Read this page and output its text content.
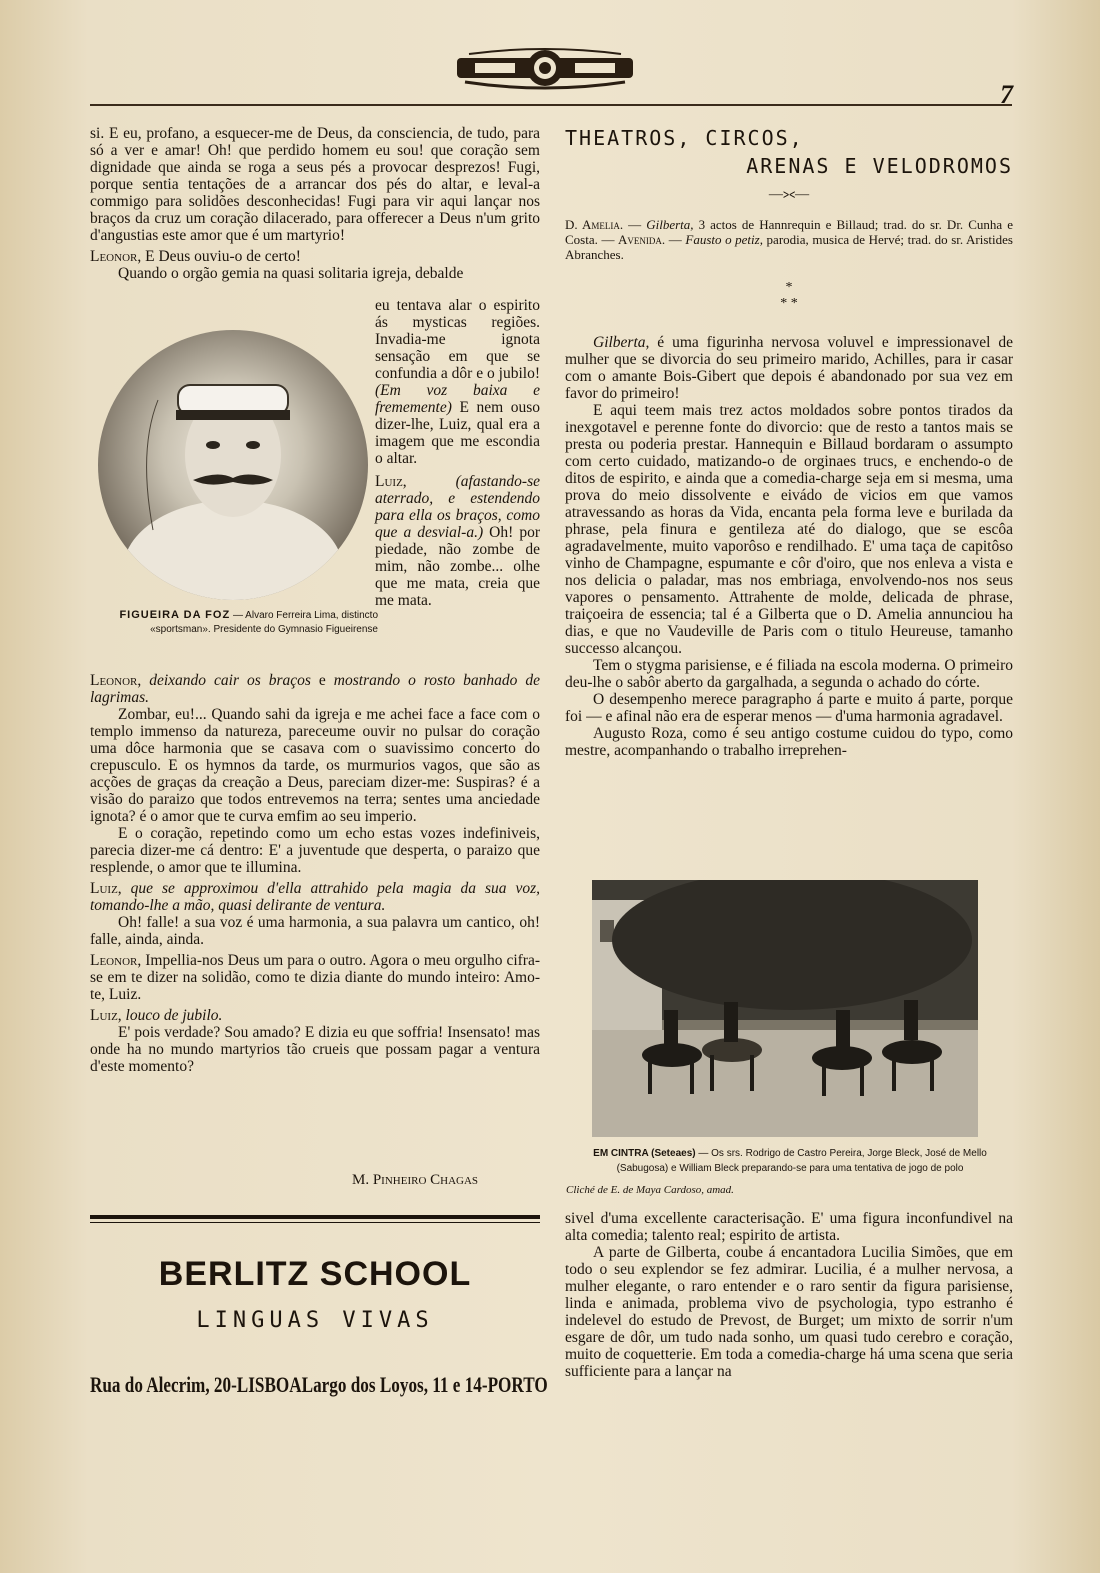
7

si. E eu, profano, a esquecer-me de Deus, da consciencia, de tudo, para só a ver e amar! Oh! que perdido homem eu sou! que coração sem dignidade que ainda se roga a seus pés a provocar desprezos! Fugi, porque sentia tentações de a arrancar dos pés do altar, e leval-a commigo para solidões desconhecidas! Fugi para vir aqui lançar nos braços da cruz um coração dilacerado, para offerecer a Deus n'um grito d'angustias este amor que é um martyrio!

Leonor, E Deus ouviu-o de certo!

Quando o orgão gemia na quasi solitaria igreja, debalde

FIGUEIRA DA FOZ — Alvaro Ferreira Lima, distincto «sportsman». Presidente do Gymnasio Figueirense

eu tentava alar o espirito ás mysticas regiões. Invadia-me ignota sensação em que se confundia a dôr e o jubilo! (Em voz baixa e frememente) E nem ouso dizer-lhe, Luiz, qual era a imagem que me escondia o altar.

Luiz, (afastando-se aterrado, e estendendo para ella os braços, como que a desvial-a.) Oh! por piedade, não zombe de mim, não zombe... olhe que me mata, creia que me mata.

Leonor, deixando cair os braços e mostrando o rosto banhado de lagrimas.

Zombar, eu!... Quando sahi da igreja e me achei face a face com o templo immenso da natureza, pareceume ouvir no pulsar do coração uma dôce harmonia que se casava com o suavissimo concerto do crepusculo. E os hymnos da tarde, os murmurios vagos, que são as acções de graças da creação a Deus, pareciam dizer-me: Suspiras? é a visão do paraizo que todos entrevemos na terra; sentes uma anciedade ignota? é o amor que te curva emfim ao seu imperio.

E o coração, repetindo como um echo estas vozes indefiniveis, parecia dizer-me cá dentro: E' a juventude que desperta, o paraizo que resplende, o amor que te illumina.

Luiz, que se approximou d'ella attrahido pela magia da sua voz, tomando-lhe a mão, quasi delirante de ventura.

Oh! falle! a sua voz é uma harmonia, a sua palavra um cantico, oh! falle, ainda, ainda.

Leonor, Impellia-nos Deus um para o outro. Agora o meu orgulho cifra-se em te dizer na solidão, como te dizia diante do mundo inteiro: Amo-te, Luiz.

Luiz, louco de jubilo.

E' pois verdade? Sou amado? E dizia eu que soffria! Insensato! mas onde ha no mundo martyrios tão crueis que possam pagar a ventura d'este momento?

M. Pinheiro Chagas
BERLITZ SCHOOL
LINGUAS VIVAS
Rua do Alecrim, 20-LISBOA Largo dos Loyos, 11 e 14-PORTO
THEATROS, CIRCOS,
ARENAS E VELODROMOS
—⪥—

D. Amelia. — Gilberta, 3 actos de Hannrequin e Billaud; trad. do sr. Dr. Cunha e Costa. — Avenida. — Fausto o petiz, parodia, musica de Hervé; trad. do sr. Aristides Abranches.

*
* *

Gilberta, é uma figurinha nervosa voluvel e impressionavel de mulher que se divorcia do seu primeiro marido, Achilles, para ir casar com o amante Bois-Gibert que depois é abandonado por sua vez em favor do primeiro!

E aqui teem mais trez actos moldados sobre pontos tirados da inexgotavel e perenne fonte do divorcio: que de resto a tantos mais se presta ou poderia prestar. Hannequin e Billaud bordaram o assumpto com certo cuidado, matizando-o de orginaes trucs, e enchendo-o de ditos de espirito, e ainda que a comedia-charge seja em si mesma, uma prova do meio dissolvente e eivádo de vicios em que vamos atravessando as horas da Vida, encanta pela forma leve e burilada da phrase, pela finura e gentileza até do dialogo, que se escôa agradavelmente, muito vaporôso e rendilhado. E' uma taça de capitôso vinho de Champagne, espumante e côr d'oiro, que nos enleva a vista e nos delicia o paladar, mas nos embriaga, envolvendo-nos nos seus vapores o pensamento. Attrahente de molde, delicada de phrase, traiçoeira de essencia; tal é a Gilberta que o D. Amelia annunciou ha dias, e que no Vaudeville de Paris com o titulo Heureuse, tamanho successo alcançou.

Tem o stygma parisiense, e é filiada na escola moderna. O primeiro deu-lhe o sabôr aberto da gargalhada, a segunda o achado do córte.

O desempenho merece paragrapho á parte e muito á parte, porque foi — e afinal não era de esperar menos — d'uma harmonia agradavel.

Augusto Roza, como é seu antigo costume cuidou do typo, como mestre, acompanhando o trabalho irreprehen-

EM CINTRA (Seteaes) — Os srs. Rodrigo de Castro Pereira, Jorge Bleck, José de Mello (Sabugosa) e William Bleck preparando-se para uma tentativa de jogo de polo
Cliché de E. de Maya Cardoso, amad.

sivel d'uma excellente caracterisação. E' uma figura inconfundivel na alta comedia; talento real; espirito de artista.

A parte de Gilberta, coube á encantadora Lucilia Simões, que em todo o seu explendor se fez admirar. Lucilia, é a mulher nervosa, a mulher elegante, o raro entender e o raro sentir da figura parisiense, linda e animada, problema vivo de psychologia, typo estranho é indelevel do estudo de Prevost, de Burget; um mixto de sorrir n'um esgare de dôr, um tudo nada sonho, um quasi tudo cerebro e coração, muito de coquetterie. Em toda a comedia-charge há uma scena que seria sufficiente para a lançar na
